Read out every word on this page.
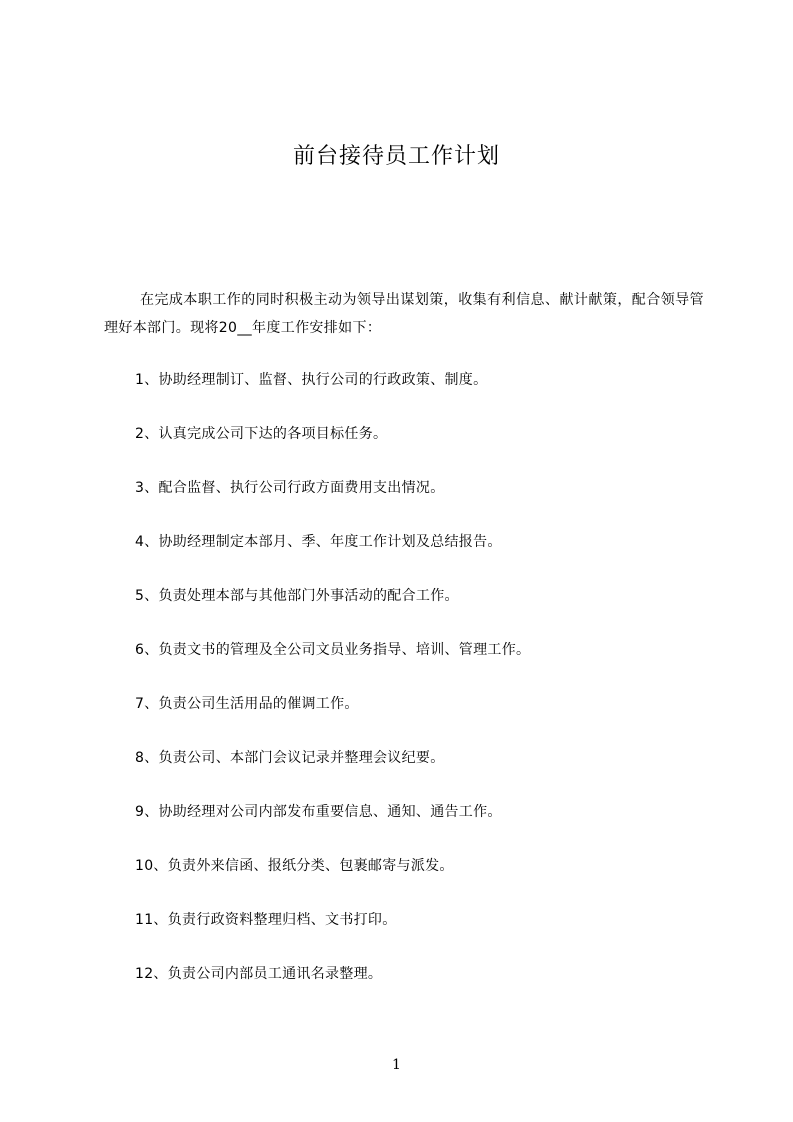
前台接待员工作计划

在完成本职工作的同时积极主动为领导出谋划策，收集有利信息、献计献策，配合领导管理好本部门。现将20__年度工作安排如下：

1、协助经理制订、监督、执行公司的行政政策、制度。
2、认真完成公司下达的各项目标任务。
3、配合监督、执行公司行政方面费用支出情况。
4、协助经理制定本部月、季、年度工作计划及总结报告。
5、负责处理本部与其他部门外事活动的配合工作。
6、负责文书的管理及全公司文员业务指导、培训、管理工作。
7、负责公司生活用品的催调工作。
8、负责公司、本部门会议记录并整理会议纪要。
9、协助经理对公司内部发布重要信息、通知、通告工作。
10、负责外来信函、报纸分类、包裹邮寄与派发。
11、负责行政资料整理归档、文书打印。
12、负责公司内部员工通讯名录整理。
1
